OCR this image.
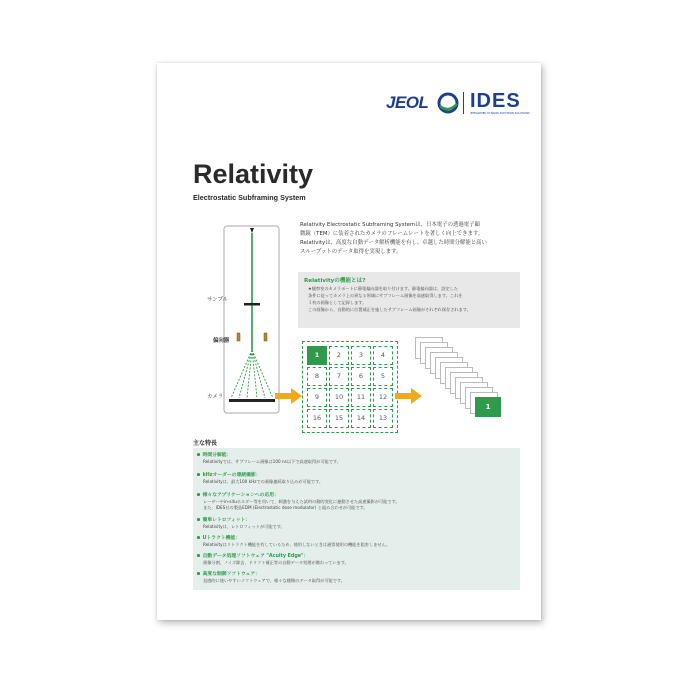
JEOL IDES
INTEGRATED DYNAMIC ELECTRON SOLUTIONS
Relativity
Electrostatic Subframing System

Relativity Electrostatic Subframing Systemは、日本電子の透過電子顕

微鏡（TEM）に装着されたカメラのフレームレートを著しく向上できます。

Relativityは、高度な自動データ解析機能を有し、卓越した時間分解能と高い

スループットのデータ取得を実現します。

Relativityの機能とは?

★観察室のカメラポートに静電偏向器を取り付けます。静電偏向器は、設定した

条件に従ってカメラ上の異なる領域にサブフレーム画像を高速取得します。これを

１枚の画像として記録します。

この画像から、自動的に位置補正を施したサブフレーム画像がそれぞれ保存されます。

サンプル
偏向器
カメラ
1	2	3	4
8	7	6	5
9	10	11	12
16	15	14	13
1
主な特長
時間分解能：
Relativityでは、サブフレーム画像は100 ns以下で高速取得が可能です。
kHzオーダーの連続撮影：
Relativityは、最大100 kHzでの画像連続取り込みが可能です。
様々なアプリケーションへの応用：
レーザーやin-situホルダー等を用いて、刺激を与えた試料の動的変化に連動させた高速撮影が可能です。
また、IDES社の製品EDM (Electrostatic dose modulator) と組み合わせが可能です。
簡単レトロフィット：
Relativityは、レトロフィットが可能です。
Uトラクト機能：
Relativityはリトラクト機能を有しているため、使用しないときは通常使用の機能を阻害しません。
自動データ処理ソフトウェア "Acuity Edge"：
画像分割、ノイズ除去、ドリフト補正等の自動データ処理が備わっています。
高度な制御ソフトウェア：
直感的に使いやすいソフトウェアで、様々な種類のデータ取得が可能です。
